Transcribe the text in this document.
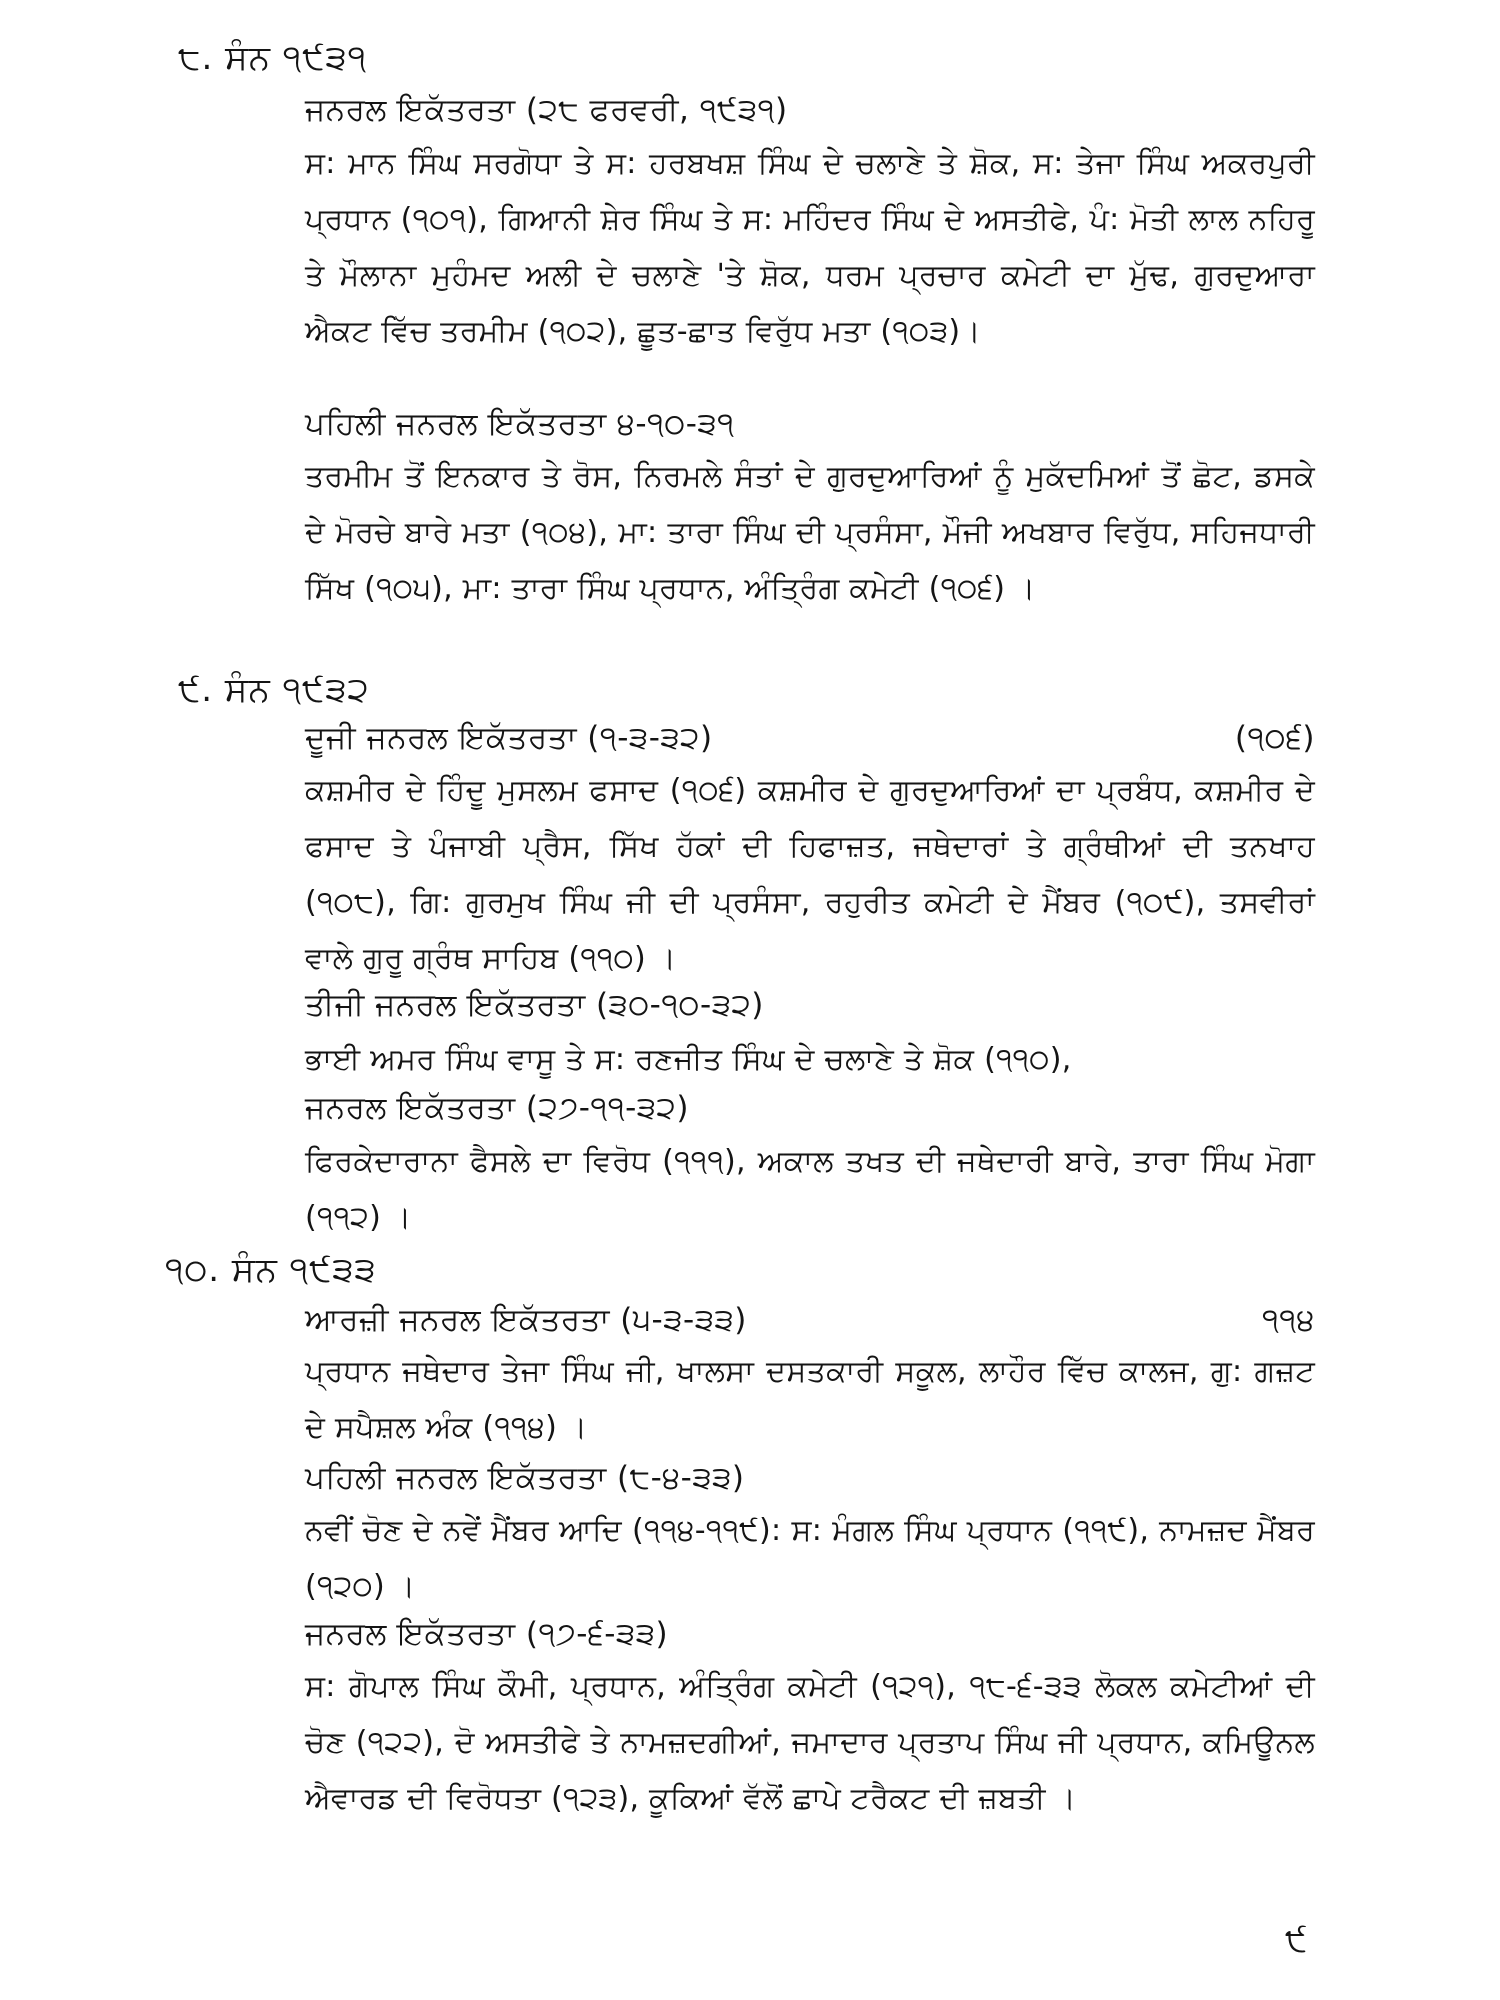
੮. ਸੰਨ ੧੯੩੧
ਜਨਰਲ ਇਕੱਤਰਤਾ (੨੮ ਫਰਵਰੀ, ੧੯੩੧)
ਸ: ਮਾਨ ਸਿੰਘ ਸਰਗੋਧਾ ਤੇ ਸ: ਹਰਬਖਸ਼ ਸਿੰਘ ਦੇ ਚਲਾਣੇ ਤੇ ਸ਼ੋਕ, ਸ: ਤੇਜਾ ਸਿੰਘ ਅਕਰਪੁਰੀ ਪ੍ਰਧਾਨ (੧੦੧), ਗਿਆਨੀ ਸ਼ੇਰ ਸਿੰਘ ਤੇ ਸ: ਮਹਿੰਦਰ ਸਿੰਘ ਦੇ ਅਸਤੀਫੇ, ਪੰ: ਮੋਤੀ ਲਾਲ ਨਹਿਰੂ ਤੇ ਮੌਲਾਨਾ ਮੁਹੰਮਦ ਅਲੀ ਦੇ ਚਲਾਣੇ 'ਤੇ ਸ਼ੋਕ, ਧਰਮ ਪ੍ਰਚਾਰ ਕਮੇਟੀ ਦਾ ਮੁੱਢ, ਗੁਰਦੁਆਰਾ ਐਕਟ ਵਿੱਚ ਤਰਮੀਮ (੧੦੨), ਛੂਤ-ਛਾਤ ਵਿਰੁੱਧ ਮਤਾ (੧੦੩)।
ਪਹਿਲੀ ਜਨਰਲ ਇਕੱਤਰਤਾ ੪-੧੦-੩੧
ਤਰਮੀਮ ਤੋਂ ਇਨਕਾਰ ਤੇ ਰੋਸ, ਨਿਰਮਲੇ ਸੰਤਾਂ ਦੇ ਗੁਰਦੁਆਰਿਆਂ ਨੂੰ ਮੁਕੱਦਮਿਆਂ ਤੋਂ ਛੋਟ, ਡਸਕੇ ਦੇ ਮੋਰਚੇ ਬਾਰੇ ਮਤਾ (੧੦੪), ਮਾ: ਤਾਰਾ ਸਿੰਘ ਦੀ ਪ੍ਰਸੰਸਾ, ਮੌਜੀ ਅਖਬਾਰ ਵਿਰੁੱਧ, ਸਹਿਜਧਾਰੀ ਸਿੱਖ (੧੦੫), ਮਾ: ਤਾਰਾ ਸਿੰਘ ਪ੍ਰਧਾਨ, ਅੰਤ੍ਰਿੰਗ ਕਮੇਟੀ (੧੦੬) ।
੯. ਸੰਨ ੧੯੩੨
ਦੂਜੀ ਜਨਰਲ ਇਕੱਤਰਤਾ (੧-੩-੩੨)	(੧੦੬)
ਕਸ਼ਮੀਰ ਦੇ ਹਿੰਦੂ ਮੁਸਲਮ ਫਸਾਦ (੧੦੬) ਕਸ਼ਮੀਰ ਦੇ ਗੁਰਦੁਆਰਿਆਂ ਦਾ ਪ੍ਰਬੰਧ, ਕਸ਼ਮੀਰ ਦੇ ਫਸਾਦ ਤੇ ਪੰਜਾਬੀ ਪ੍ਰੈਸ, ਸਿੱਖ ਹੱਕਾਂ ਦੀ ਹਿਫਾਜ਼ਤ, ਜਥੇਦਾਰਾਂ ਤੇ ਗ੍ਰੰਥੀਆਂ ਦੀ ਤਨਖਾਹ (੧੦੮), ਗਿ: ਗੁਰਮੁਖ ਸਿੰਘ ਜੀ ਦੀ ਪ੍ਰਸੰਸਾ, ਰਹੁਰੀਤ ਕਮੇਟੀ ਦੇ ਮੈਂਬਰ (੧੦੯), ਤਸਵੀਰਾਂ ਵਾਲੇ ਗੁਰੂ ਗ੍ਰੰਥ ਸਾਹਿਬ (੧੧੦) ।
ਤੀਜੀ ਜਨਰਲ ਇਕੱਤਰਤਾ (੩੦-੧੦-੩੨)
ਭਾਈ ਅਮਰ ਸਿੰਘ ਵਾਸੂ ਤੇ ਸ: ਰਣਜੀਤ ਸਿੰਘ ਦੇ ਚਲਾਣੇ ਤੇ ਸ਼ੋਕ (੧੧੦),
ਜਨਰਲ ਇਕੱਤਰਤਾ (੨੭-੧੧-੩੨)
ਫਿਰਕੇਦਾਰਾਨਾ ਫੈਸਲੇ ਦਾ ਵਿਰੋਧ (੧੧੧), ਅਕਾਲ ਤਖਤ ਦੀ ਜਥੇਦਾਰੀ ਬਾਰੇ, ਤਾਰਾ ਸਿੰਘ ਮੋਗਾ (੧੧੨) ।
੧੦. ਸੰਨ ੧੯੩੩
ਆਰਜ਼ੀ ਜਨਰਲ ਇਕੱਤਰਤਾ (੫-੩-੩੩)	੧੧੪
ਪ੍ਰਧਾਨ ਜਥੇਦਾਰ ਤੇਜਾ ਸਿੰਘ ਜੀ, ਖਾਲਸਾ ਦਸਤਕਾਰੀ ਸਕੂਲ, ਲਾਹੌਰ ਵਿੱਚ ਕਾਲਜ, ਗੁ: ਗਜ਼ਟ ਦੇ ਸਪੈਸ਼ਲ ਅੰਕ (੧੧੪) ।
ਪਹਿਲੀ ਜਨਰਲ ਇਕੱਤਰਤਾ (੮-੪-੩੩)
ਨਵੀਂ ਚੋਣ ਦੇ ਨਵੇਂ ਮੈਂਬਰ ਆਦਿ (੧੧੪-੧੧੯): ਸ: ਮੰਗਲ ਸਿੰਘ ਪ੍ਰਧਾਨ (੧੧੯), ਨਾਮਜ਼ਦ ਮੈਂਬਰ (੧੨੦) ।
ਜਨਰਲ ਇਕੱਤਰਤਾ (੧੭-੬-੩੩)
ਸ: ਗੋਪਾਲ ਸਿੰਘ ਕੌਮੀ, ਪ੍ਰਧਾਨ, ਅੰਤ੍ਰਿੰਗ ਕਮੇਟੀ (੧੨੧), ੧੮-੬-੩੩ ਲੋਕਲ ਕਮੇਟੀਆਂ ਦੀ ਚੋਣ (੧੨੨), ਦੋ ਅਸਤੀਫੇ ਤੇ ਨਾਮਜ਼ਦਗੀਆਂ, ਜਮਾਦਾਰ ਪ੍ਰਤਾਪ ਸਿੰਘ ਜੀ ਪ੍ਰਧਾਨ, ਕਮਿਊਨਲ ਐਵਾਰਡ ਦੀ ਵਿਰੋਧਤਾ (੧੨੩), ਕੂਕਿਆਂ ਵੱਲੋਂ ਛਾਪੇ ਟਰੈਕਟ ਦੀ ਜ਼ਬਤੀ ।
੯
